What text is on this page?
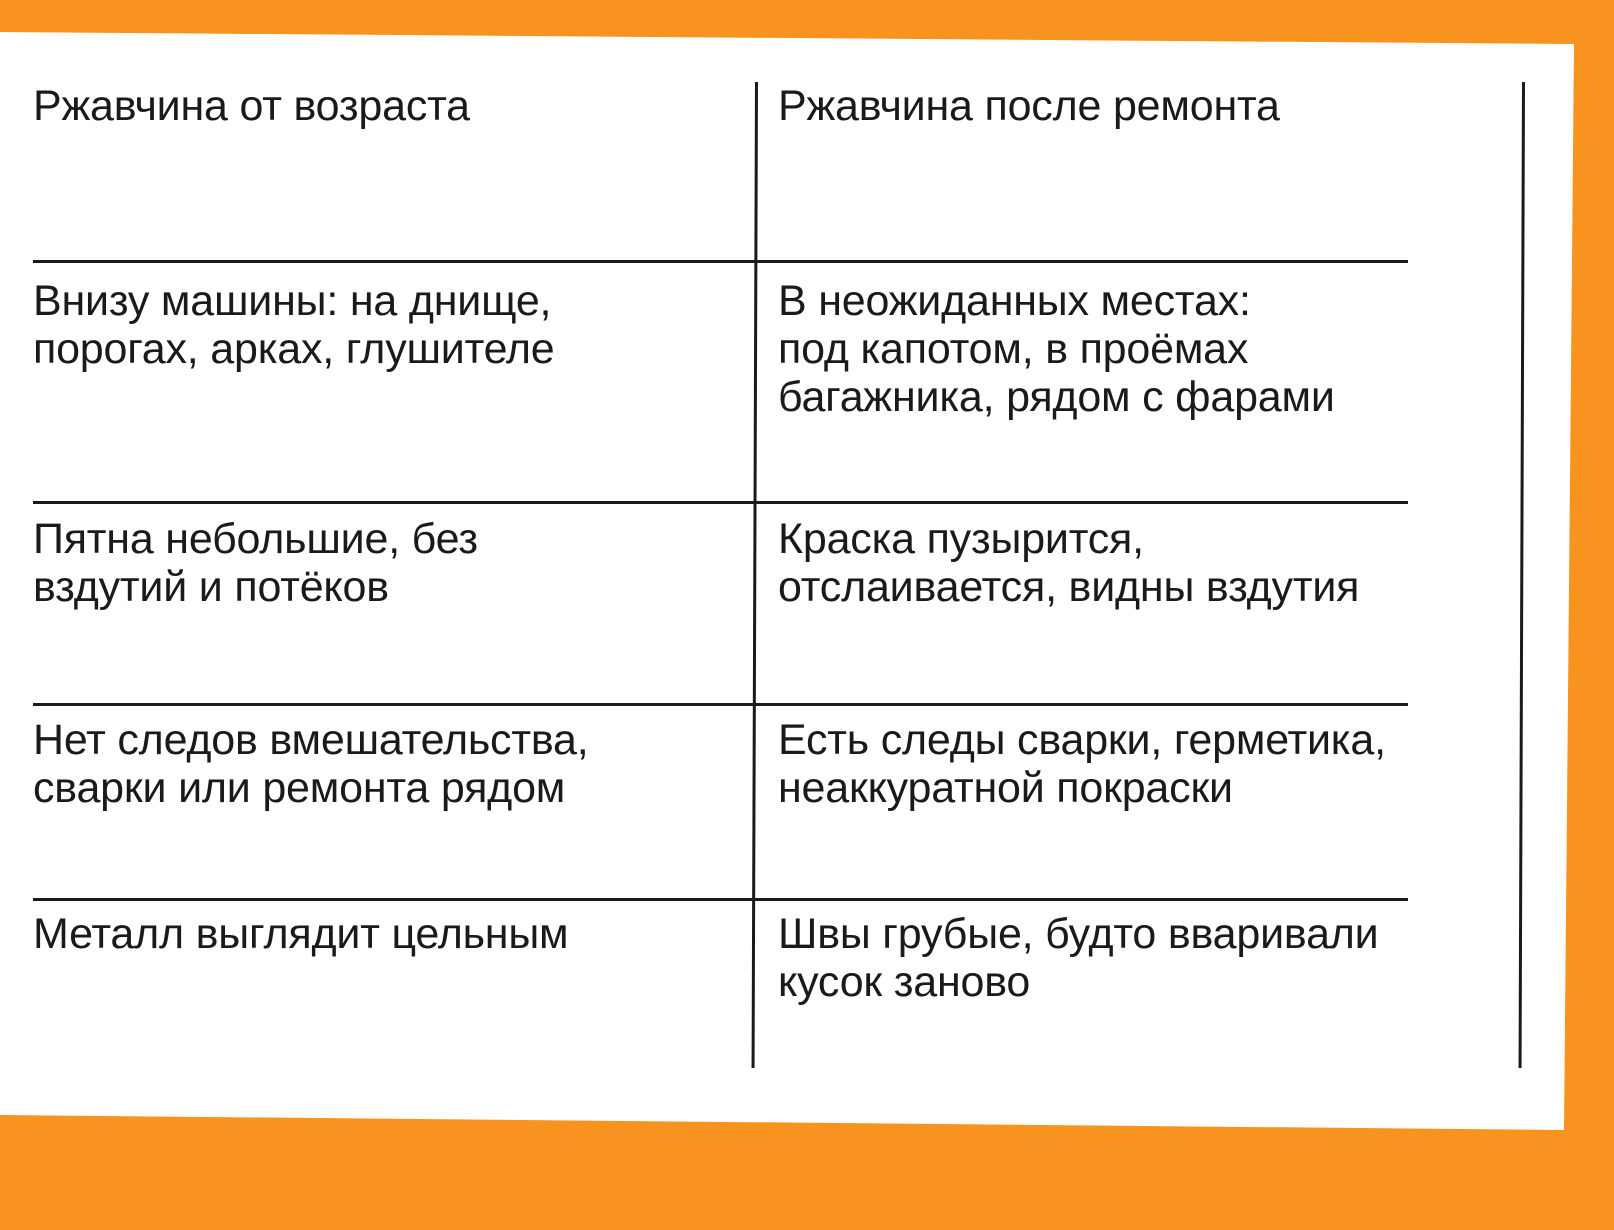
Ржавчина от возраста	Ржавчина после ремонта

Внизу машины: на днище,
порогах, арках, глушителе

В неожиданных местах:
под капотом, в проёмах
багажника, рядом с фарами

Пятна небольшие, без
вздутий и потёков

Краска пузырится,
отслаивается, видны вздутия

Нет следов вмешательства,
сварки или ремонта рядом

Есть следы сварки, герметика,
неаккуратной покраски

Металл выглядит цельным	Швы грубые, будто вваривали
кусок заново
